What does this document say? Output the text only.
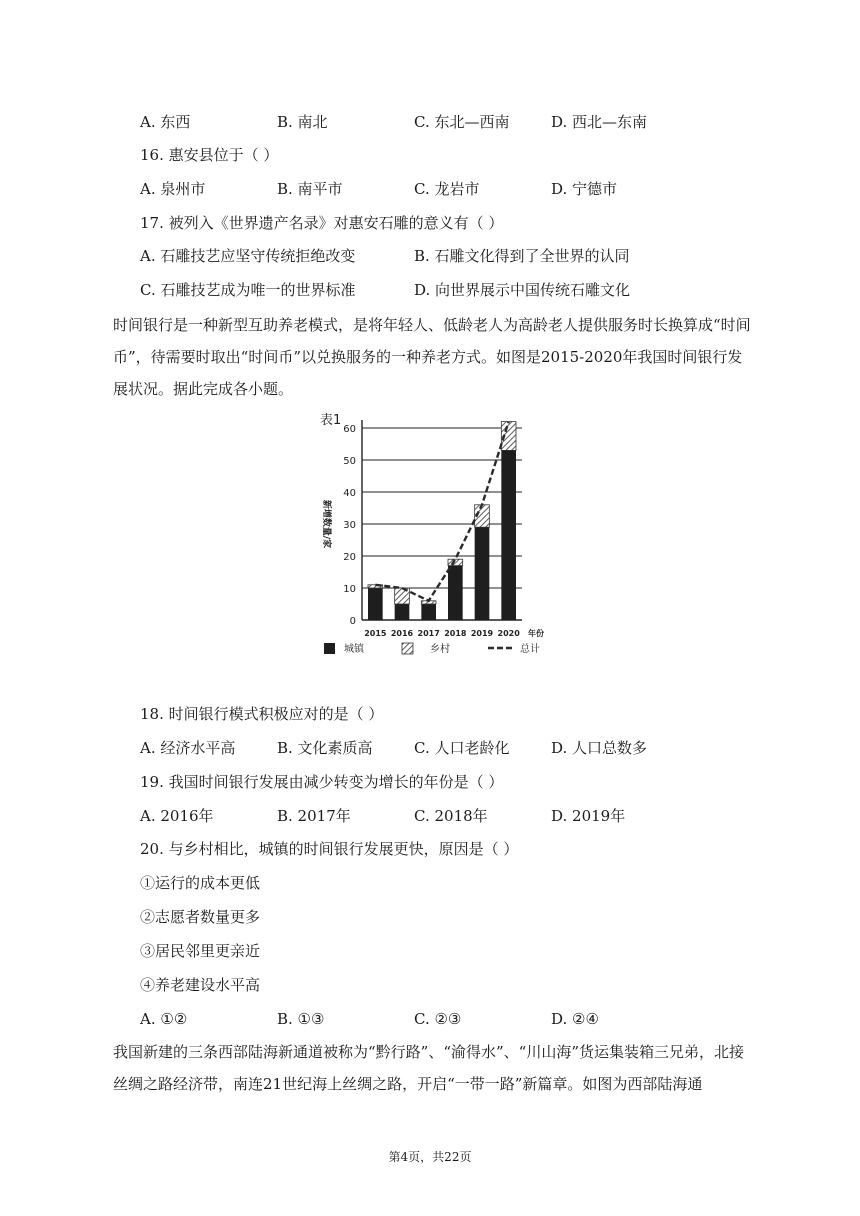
A. 东西	B. 南北	C. 东北—西南	D. 西北—东南
16. 惠安县位于（ ）
A. 泉州市	B. 南平市	C. 龙岩市	D. 宁德市
17. 被列入《世界遗产名录》对惠安石雕的意义有（ ）
A. 石雕技艺应坚守传统拒绝改变	B. 石雕文化得到了全世界的认同
C. 石雕技艺成为唯一的世界标准	D. 向世界展示中国传统石雕文化
时间银行是一种新型互助养老模式，是将年轻人、低龄老人为高龄老人提供服务时长换算成“时间币”，待需要时取出“时间币”以兑换服务的一种养老方式。如图是2015-2020年我国时间银行发展状况。据此完成各小题。
表1
新增数量/家
0
10
20
30
40
50
60
2015 2016 2017 2018 2019 2020 年份
城镇	乡村	总计
18. 时间银行模式积极应对的是（ ）
A. 经济水平高	B. 文化素质高	C. 人口老龄化	D. 人口总数多
19. 我国时间银行发展由减少转变为增长的年份是（ ）
A. 2016年	B. 2017年	C. 2018年	D. 2019年
20. 与乡村相比，城镇的时间银行发展更快，原因是（ ）
①运行的成本更低
②志愿者数量更多
③居民邻里更亲近
④养老建设水平高
A. ①②	B. ①③	C. ②③	D. ②④
我国新建的三条西部陆海新通道被称为“黔行路”、“渝得水”、“川山海”货运集装箱三兄弟，北接丝绸之路经济带，南连21世纪海上丝绸之路，开启“一带一路”新篇章。如图为西部陆海通
第4页，共22页
